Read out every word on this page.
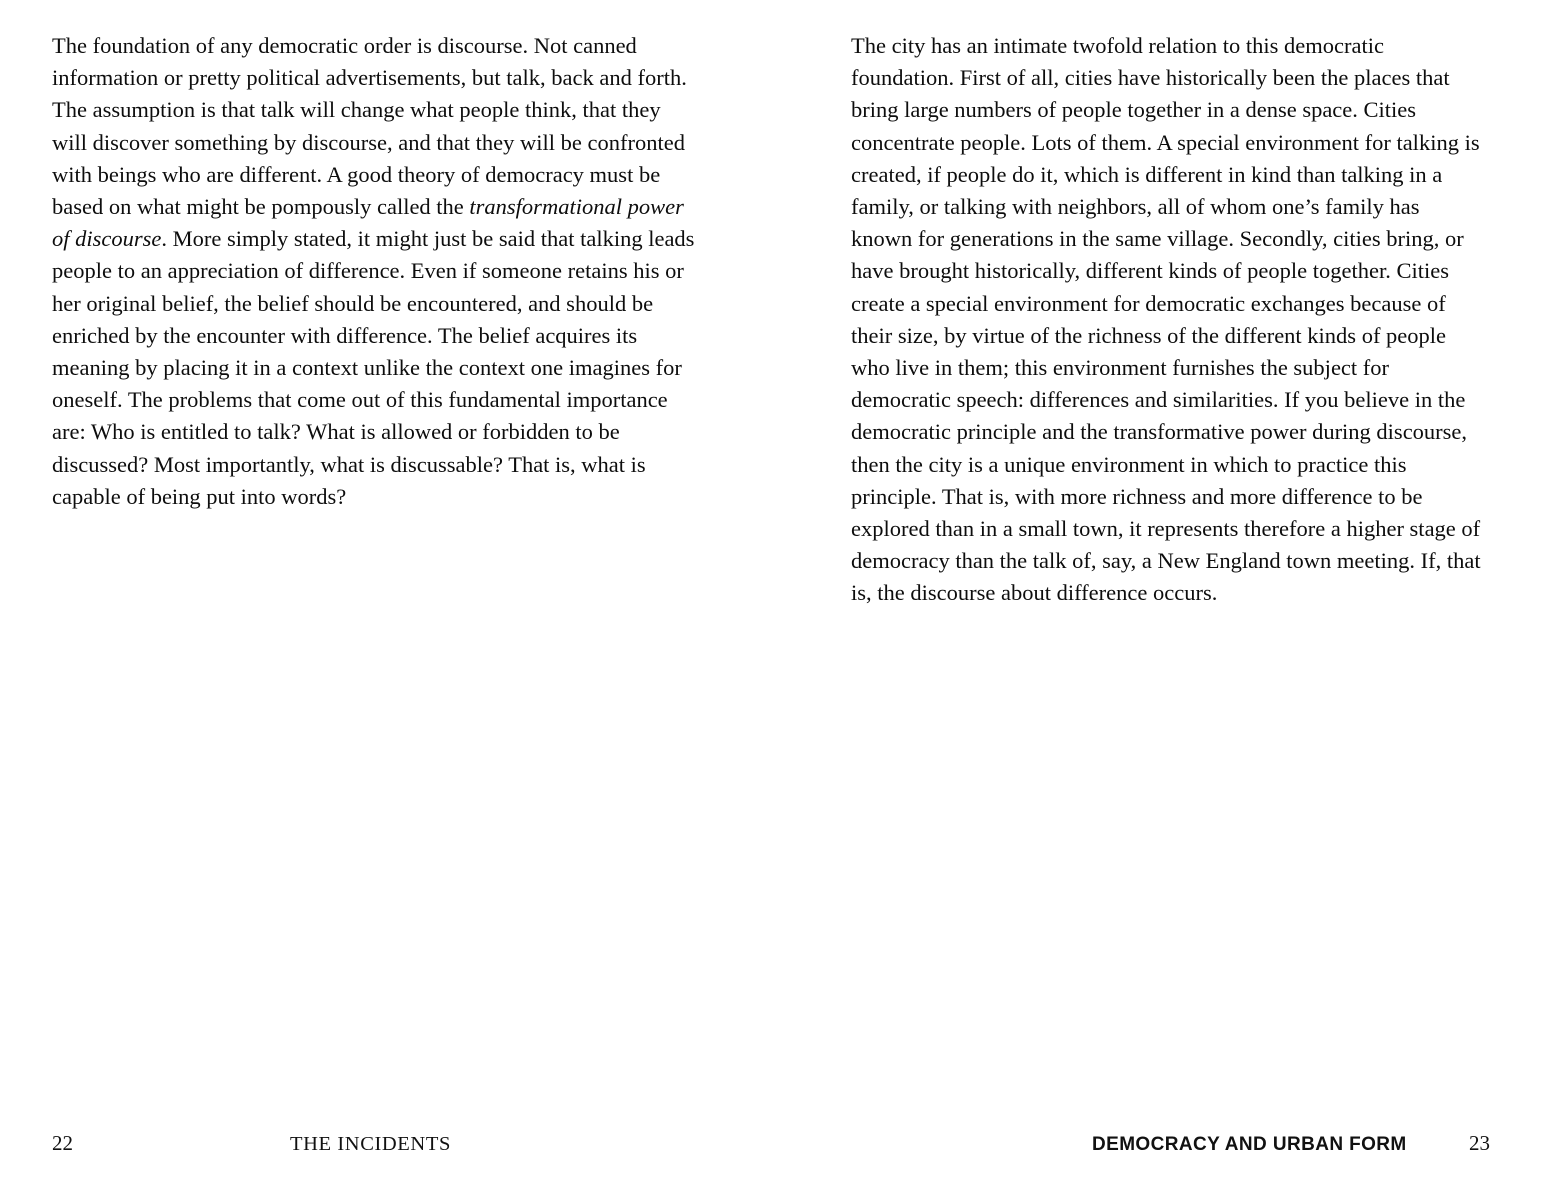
The foundation of any democratic order is discourse. Not canned information or pretty political advertisements, but talk, back and forth. The assumption is that talk will change what people think, that they will discover something by discourse, and that they will be confronted with beings who are different. A good theory of democracy must be based on what might be pompously called the transformational power of discourse. More simply stated, it might just be said that talking leads people to an appreciation of difference. Even if someone retains his or her original belief, the belief should be encountered, and should be enriched by the encounter with difference. The belief acquires its meaning by placing it in a context unlike the context one imagines for oneself. The problems that come out of this fundamental importance are: Who is entitled to talk? What is allowed or forbidden to be discussed? Most importantly, what is discussable? That is, what is capable of being put into words?

22	THE INCIDENTS

The city has an intimate twofold relation to this democratic foundation. First of all, cities have historically been the places that bring large numbers of people together in a dense space. Cities concentrate people. Lots of them. A special environment for talking is created, if people do it, which is different in kind than talking in a family, or talking with neighbors, all of whom one’s family has known for generations in the same village. Secondly, cities bring, or have brought historically, different kinds of people together. Cities create a special environment for democratic exchanges because of their size, by virtue of the richness of the different kinds of people who live in them; this environment furnishes the subject for democratic speech: differences and similarities. If you believe in the democratic principle and the transformative power during discourse, then the city is a unique environment in which to practice this principle. That is, with more richness and more difference to be explored than in a small town, it represents therefore a higher stage of democracy than the talk of, say, a New England town meeting. If, that is, the discourse about difference occurs.

DEMOCRACY AND URBAN FORM	23
